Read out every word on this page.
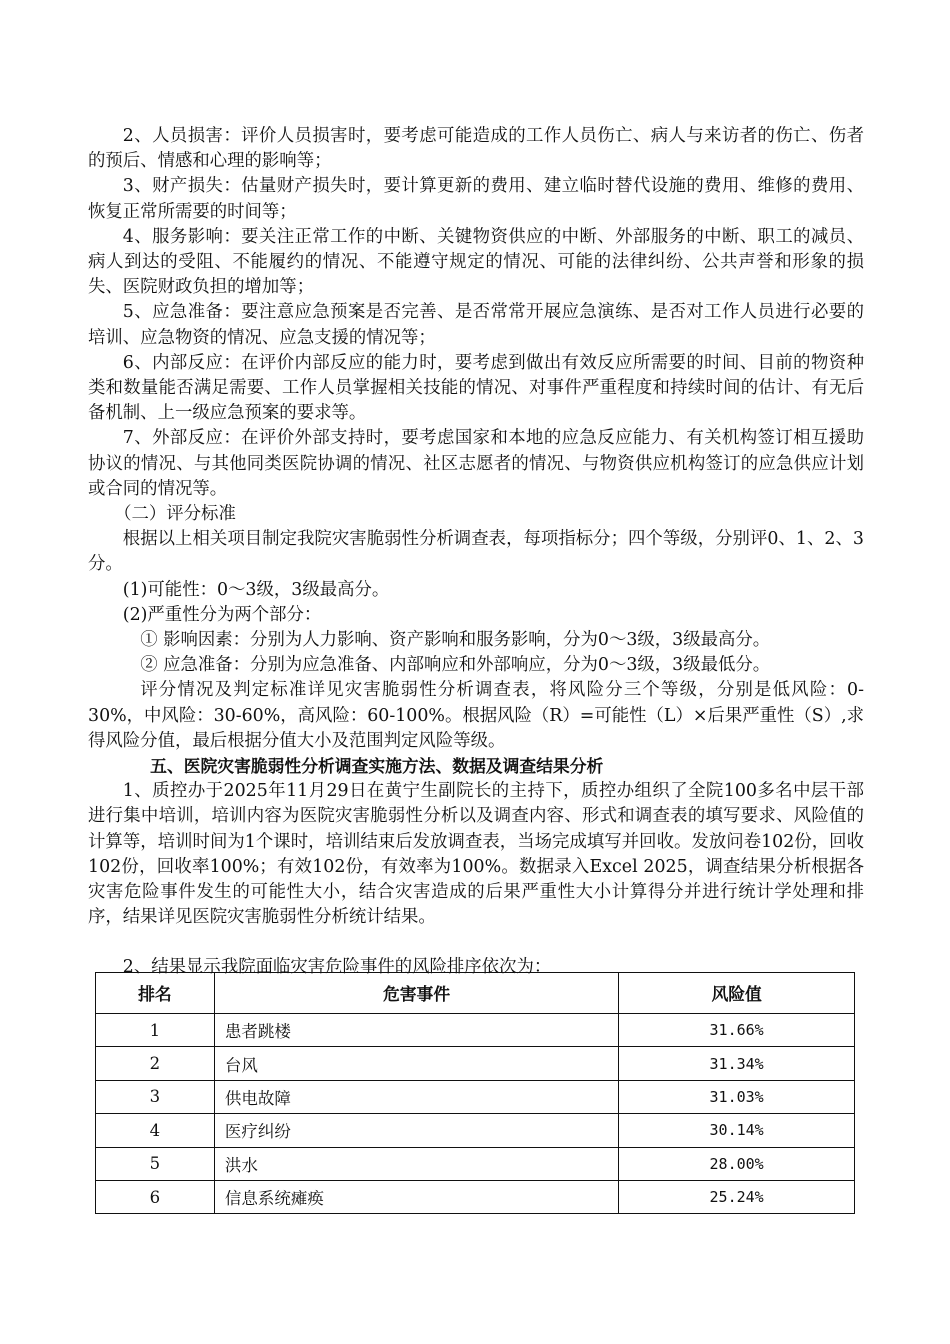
2、人员损害：评价人员损害时，要考虑可能造成的工作人员伤亡、病人与来访者的伤亡、伤者的预后、情感和心理的影响等；

3、财产损失：估量财产损失时，要计算更新的费用、建立临时替代设施的费用、维修的费用、恢复正常所需要的时间等；

4、服务影响：要关注正常工作的中断、关键物资供应的中断、外部服务的中断、职工的减员、病人到达的受阻、不能履约的情况、不能遵守规定的情况、可能的法律纠纷、公共声誉和形象的损失、医院财政负担的增加等；

5、应急准备：要注意应急预案是否完善、是否常常开展应急演练、是否对工作人员进行必要的培训、应急物资的情况、应急支援的情况等；

6、内部反应：在评价内部反应的能力时，要考虑到做出有效反应所需要的时间、目前的物资种类和数量能否满足需要、工作人员掌握相关技能的情况、对事件严重程度和持续时间的估计、有无后备机制、上一级应急预案的要求等。

7、外部反应：在评价外部支持时，要考虑国家和本地的应急反应能力、有关机构签订相互援助协议的情况、与其他同类医院协调的情况、社区志愿者的情况、与物资供应机构签订的应急供应计划或合同的情况等。

（二）评分标准

根据以上相关项目制定我院灾害脆弱性分析调查表，每项指标分；四个等级，分别评0、1、2、3分。

(1)可能性：0～3级，3级最高分。

(2)严重性分为两个部分：

① 影响因素：分别为人力影响、资产影响和服务影响，分为0～3级，3级最高分。

② 应急准备：分别为应急准备、内部响应和外部响应，分为0～3级，3级最低分。

评分情况及判定标准详见灾害脆弱性分析调查表，将风险分三个等级，分别是低风险：0-30%，中风险：30-60%，高风险：60-100%。根据风险（R）=可能性（L）×后果严重性（S）,求得风险分值，最后根据分值大小及范围判定风险等级。

五、医院灾害脆弱性分析调查实施方法、数据及调查结果分析

1、质控办于2025年11月29日在黄宁生副院长的主持下，质控办组织了全院100多名中层干部进行集中培训，培训内容为医院灾害脆弱性分析以及调查内容、形式和调查表的填写要求、风险值的计算等，培训时间为1个课时，培训结束后发放调查表，当场完成填写并回收。发放问卷102份，回收102份，回收率100%；有效102份，有效率为100%。数据录入Excel 2025，调查结果分析根据各灾害危险事件发生的可能性大小，结合灾害造成的后果严重性大小计算得分并进行统计学处理和排序，结果详见医院灾害脆弱性分析统计结果。

2、结果显示我院面临灾害危险事件的风险排序依次为：

排名	危害事件	风险值
1	患者跳楼	31.66%
2	台风	31.34%
3	供电故障	31.03%
4	医疗纠纷	30.14%
5	洪水	28.00%
6	信息系统瘫痪	25.24%
